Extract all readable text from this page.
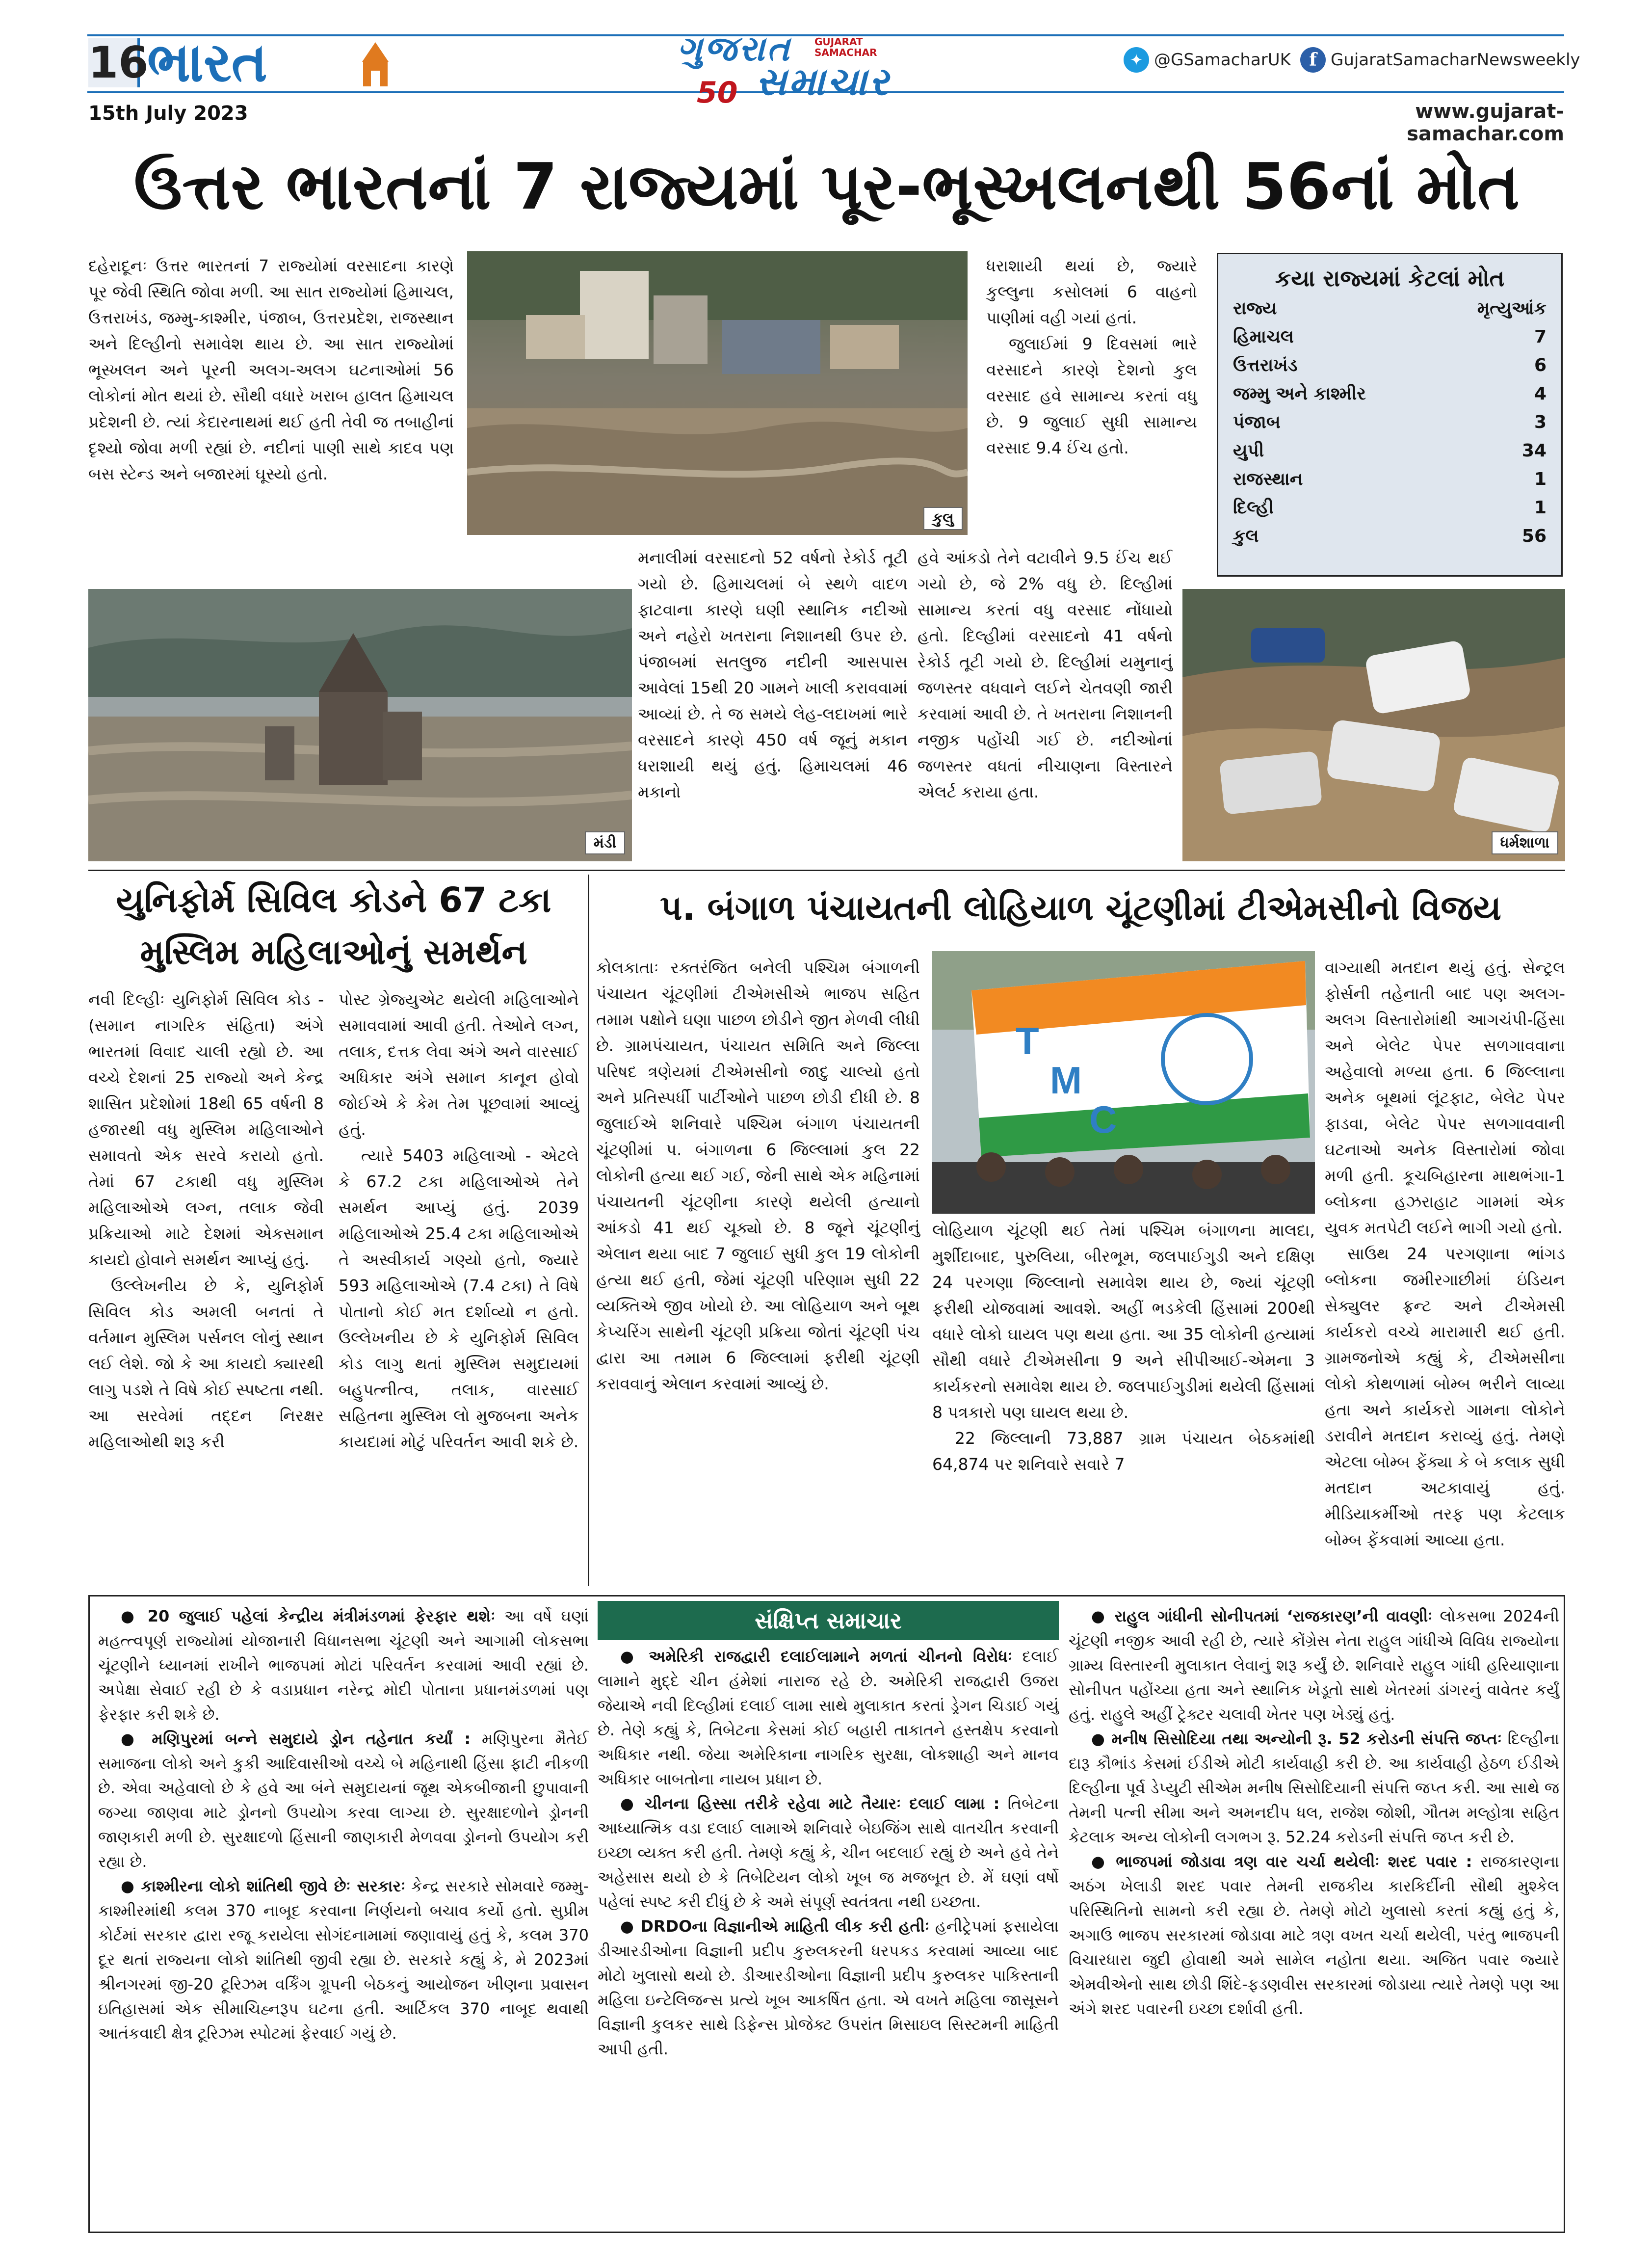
16
ભારત
15th July 2023
ગુજરાત GUJARAT SAMACHAR
સમાચાર
50
✦ @GSamacharUK	f GujaratSamacharNewsweekly
www.gujarat-samachar.com
ઉત્તર ભારતનાં 7 રાજ્યમાં પૂર-ભૂસ્ખલનથી 56નાં મોત

દહેરાદૂનઃ ઉત્તર ભારતનાં 7 રાજ્યોમાં વરસાદના કારણે પૂર જેવી સ્થિતિ જોવા મળી. આ સાત રાજ્યોમાં હિમાચલ, ઉત્તરાખંડ, જમ્મુ-કાશ્મીર, પંજાબ, ઉત્તરપ્રદેશ, રાજસ્થાન અને દિલ્હીનો સમાવેશ થાય છે. આ સાત રાજ્યોમાં ભૂસ્ખલન અને પૂરની અલગ-અલગ ઘટનાઓમાં 56 લોકોનાં મોત થયાં છે. સૌથી વધારે ખરાબ હાલત હિમાચલ પ્રદેશની છે. ત્યાં કેદારનાથમાં થઈ હતી તેવી જ તબાહીનાં દૃશ્યો જોવા મળી રહ્યાં છે. નદીનાં પાણી સાથે કાદવ પણ બસ સ્ટેન્ડ અને બજારમાં ઘૂસ્યો હતો.

કુલુ

ધરાશાયી થયાં છે, જ્યારે કુલ્લુના કસોલમાં 6 વાહનો પાણીમાં વહી ગયાં હતાં.

જુલાઈમાં 9 દિવસમાં ભારે વરસાદને કારણે દેશનો કુલ વરસાદ હવે સામાન્ય કરતાં વધુ છે. 9 જુલાઈ સુધી સામાન્ય વરસાદ 9.4 ઈંચ હતો.

કયા રાજ્યમાં કેટલાં મોત
રાજ્ય	મૃત્યુઆંક
હિમાચલ	7
ઉત્તરાખંડ	6
જમ્મુ અને કાશ્મીર	4
પંજાબ	3
યુપી	34
રાજસ્થાન	1
દિલ્હી	1
કુલ	56
મંડી

મનાલીમાં વરસાદનો 52 વર્ષનો રેકોર્ડ તૂટી ગયો છે. હિમાચલમાં બે સ્થળે વાદળ ફાટવાના કારણે ઘણી સ્થાનિક નદીઓ અને નહેરો ખતરાના નિશાનથી ઉપર છે. પંજાબમાં સતલુજ નદીની આસપાસ આવેલાં 15થી 20 ગામને ખાલી કરાવવામાં આવ્યાં છે. તે જ સમયે લેહ-લદાખમાં ભારે વરસાદને કારણે 450 વર્ષ જૂનું મકાન ધરાશાયી થયું હતું. હિમાચલમાં 46 મકાનો

હવે આંકડો તેને વટાવીને 9.5 ઈંચ થઈ ગયો છે, જે 2% વધુ છે. દિલ્હીમાં સામાન્ય કરતાં વધુ વરસાદ નોંધાયો હતો. દિલ્હીમાં વરસાદનો 41 વર્ષનો રેકોર્ડ તૂટી ગયો છે. દિલ્હીમાં યમુનાનું જળસ્તર વધવાને લઈને ચેતવણી જારી કરવામાં આવી છે. તે ખતરાના નિશાનની નજીક પહોંચી ગઈ છે. નદીઓનાં જળસ્તર વધતાં નીચાણના વિસ્તારને એલર્ટ કરાયા હતા.

ધર્મશાળા
યુનિફોર્મ સિવિલ કોડને 67 ટકા
મુસ્લિમ મહિલાઓનું સમર્થન

નવી દિલ્હીઃ યુનિફોર્મ સિવિલ કોડ - (સમાન નાગરિક સંહિતા) અંગે ભારતમાં વિવાદ ચાલી રહ્યો છે. આ વચ્ચે દેશનાં 25 રાજ્યો અને કેન્દ્ર શાસિત પ્રદેશોમાં 18થી 65 વર્ષની 8 હજારથી વધુ મુસ્લિમ મહિલાઓને સમાવતો એક સરવે કરાયો હતો. તેમાં 67 ટકાથી વધુ મુસ્લિમ મહિલાઓએ લગ્ન, તલાક જેવી પ્રક્રિયાઓ માટે દેશમાં એકસમાન કાયદો હોવાને સમર્થન આપ્યું હતું.

ઉલ્લેખનીય છે કે, યુનિફોર્મ સિવિલ કોડ અમલી બનતાં તે વર્તમાન મુસ્લિમ પર્સનલ લોનું સ્થાન લઈ લેશે. જો કે આ કાયદો ક્યારથી લાગુ પડશે તે વિષે કોઈ સ્પષ્ટતા નથી. આ સરવેમાં તદ્દન નિરક્ષર મહિલાઓથી શરૂ કરી

પોસ્ટ ગ્રેજ્યુએટ થયેલી મહિલાઓને સમાવવામાં આવી હતી. તેઓને લગ્ન, તલાક, દત્તક લેવા અંગે અને વારસાઈ અધિકાર અંગે સમાન કાનૂન હોવો જોઈએ કે કેમ તેમ પૂછવામાં આવ્યું હતું.

ત્યારે 5403 મહિલાઓ - એટલે કે 67.2 ટકા મહિલાઓએ તેને સમર્થન આપ્યું હતું. 2039 મહિલાઓએ 25.4 ટકા મહિલાઓએ તે અસ્વીકાર્ય ગણ્યો હતો, જ્યારે 593 મહિલાઓએ (7.4 ટકા) તે વિષે પોતાનો કોઈ મત દર્શાવ્યો ન હતો. ઉલ્લેખનીય છે કે યુનિફોર્મ સિવિલ કોડ લાગુ થતાં મુસ્લિમ સમુદાયમાં બહુપત્નીત્વ, તલાક, વારસાઈ સહિતના મુસ્લિમ લો મુજબના અનેક કાયદામાં મોટું પરિવર્તન આવી શકે છે.

પ. બંગાળ પંચાયતની લોહિયાળ ચૂંટણીમાં ટીએમસીનો વિજય

કોલકાતાઃ રક્તરંજિત બનેલી પશ્ચિમ બંગાળની પંચાયત ચૂંટણીમાં ટીએમસીએ ભાજપ સહિત તમામ પક્ષોને ઘણા પાછળ છોડીને જીત મેળવી લીધી છે. ગ્રામપંચાયત, પંચાયત સમિતિ અને જિલ્લા પરિષદ ત્રણેયમાં ટીએમસીનો જાદુ ચાલ્યો હતો અને પ્રતિસ્પર્ધી પાર્ટીઓને પાછળ છોડી દીધી છે. 8 જુલાઈએ શનિવારે પશ્ચિમ બંગાળ પંચાયતની ચૂંટણીમાં પ. બંગાળના 6 જિલ્લામાં કુલ 22 લોકોની હત્યા થઈ ગઈ, જેની સાથે એક મહિનામાં પંચાયતની ચૂંટણીના કારણે થયેલી હત્યાનો આંકડો 41 થઈ ચૂક્યો છે. 8 જૂને ચૂંટણીનું એલાન થયા બાદ 7 જુલાઈ સુધી કુલ 19 લોકોની હત્યા થઈ હતી, જેમાં ચૂંટણી પરિણામ સુધી 22 વ્યક્તિએ જીવ ખોયો છે. આ લોહિયાળ અને બૂથ કેપ્ચરિંગ સાથેની ચૂંટણી પ્રક્રિયા જોતાં ચૂંટણી પંચ દ્વારા આ તમામ 6 જિલ્લામાં ફરીથી ચૂંટણી કરાવવાનું એલાન કરવામાં આવ્યું છે.

T
M
C

લોહિયાળ ચૂંટણી થઈ તેમાં પશ્ચિમ બંગાળના માલદા, મુર્શીદાબાદ, પુરુલિયા, બીરભૂમ, જલપાઈગુડી અને દક્ષિણ 24 પરગણા જિલ્લાનો સમાવેશ થાય છે, જ્યાં ચૂંટણી ફરીથી યોજવામાં આવશે. અહીં ભડકેલી હિંસામાં 200થી વધારે લોકો ઘાયલ પણ થયા હતા. આ 35 લોકોની હત્યામાં સૌથી વધારે ટીએમસીના 9 અને સીપીઆઈ-એમના 3 કાર્યકરનો સમાવેશ થાય છે. જલપાઈગુડીમાં થયેલી હિંસામાં 8 પત્રકારો પણ ઘાયલ થયા છે.

22 જિલ્લાની 73,887 ગ્રામ પંચાયત બેઠકમાંથી 64,874 પર શનિવારે સવારે 7

વાગ્યાથી મતદાન થયું હતું. સેન્ટ્રલ ફોર્સની તહેનાતી બાદ પણ અલગ-અલગ વિસ્તારોમાંથી આગચંપી-હિંસા અને બેલેટ પેપર સળગાવવાના અહેવાલો મળ્યા હતા. 6 જિલ્લાના અનેક બૂથમાં લૂંટફાટ, બેલેટ પેપર ફાડવા, બેલેટ પેપર સળગાવવાની ઘટનાઓ અનેક વિસ્તારોમાં જોવા મળી હતી. કૂચબિહારના માથભંગા-1 બ્લોકના હઝરાહાટ ગામમાં એક યુવક મતપેટી લઈને ભાગી ગયો હતો.

સાઉથ 24 પરગણાના ભાંગડ બ્લોકના જમીરગાછીમાં ઇંડિયન સેક્યુલર ફ્રન્ટ અને ટીએમસી કાર્યકરો વચ્ચે મારામારી થઈ હતી. ગ્રામજનોએ કહ્યું કે, ટીએમસીના લોકો કોથળામાં બોમ્બ ભરીને લાવ્યા હતા અને કાર્યકરો ગામના લોકોને ડરાવીને મતદાન કરાવ્યું હતું. તેમણે એટલા બોમ્બ ફેંક્યા કે બે કલાક સુધી મતદાન અટકાવાયું હતું. મીડિયાકર્મીઓ તરફ પણ કેટલાક બોમ્બ ફેંકવામાં આવ્યા હતા.

● 20 જુલાઈ પહેલાં કેન્દ્રીય મંત્રીમંડળમાં ફેરફાર થશેઃ આ વર્ષે ઘણાં મહત્ત્વપૂર્ણ રાજ્યોમાં યોજાનારી વિધાનસભા ચૂંટણી અને આગામી લોકસભા ચૂંટણીને ધ્યાનમાં રાખીને ભાજપમાં મોટાં પરિવર્તન કરવામાં આવી રહ્યાં છે. અપેક્ષા સેવાઈ રહી છે કે વડાપ્રધાન નરેન્દ્ર મોદી પોતાના પ્રધાનમંડળમાં પણ ફેરફાર કરી શકે છે.

● મણિપુરમાં બન્ને સમુદાયે ડ્રોન તહેનાત કર્યાં : મણિપુરના મૈતેઈ સમાજના લોકો અને કુકી આદિવાસીઓ વચ્ચે બે મહિનાથી હિંસા ફાટી નીકળી છે. એવા અહેવાલો છે કે હવે આ બંને સમુદાયનાં જૂથ એકબીજાની છુપાવાની જગ્યા જાણવા માટે ડ્રોનનો ઉપયોગ કરવા લાગ્યા છે. સુરક્ષાદળોને ડ્રોનની જાણકારી મળી છે. સુરક્ષાદળો હિંસાની જાણકારી મેળવવા ડ્રોનનો ઉપયોગ કરી રહ્યા છે.

● કાશ્મીરના લોકો શાંતિથી જીવે છેઃ સરકારઃ કેન્દ્ર સરકારે સોમવારે જમ્મુ-કાશ્મીરમાંથી કલમ 370 નાબૂદ કરવાના નિર્ણયનો બચાવ કર્યો હતો. સુપ્રીમ કોર્ટમાં સરકાર દ્વારા રજૂ કરાયેલા સોગંદનામામાં જણાવાયું હતું કે, કલમ 370 દૂર થતાં રાજ્યના લોકો શાંતિથી જીવી રહ્યા છે. સરકારે કહ્યું કે, મે 2023માં શ્રીનગરમાં જી-20 ટૂરિઝમ વર્કિંગ ગ્રૂપની બેઠકનું આયોજન ખીણના પ્રવાસન ઇતિહાસમાં એક સીમાચિહ્નરૂપ ઘટના હતી. આર્ટિકલ 370 નાબૂદ થવાથી આતંકવાદી ક્ષેત્ર ટૂરિઝમ સ્પોટમાં ફેરવાઈ ગયું છે.

સંક્ષિપ્ત સમાચાર

● અમેરિકી રાજદ્વારી દલાઈલામાને મળતાં ચીનનો વિરોધઃ દલાઈ લામાને મુદ્દે ચીન હંમેશાં નારાજ રહે છે. અમેરિકી રાજદ્વારી ઉજરા જેયાએ નવી દિલ્હીમાં દલાઈ લામા સાથે મુલાકાત કરતાં ડ્રેગન ચિડાઈ ગયું છે. તેણે કહ્યું કે, તિબેટના કેસમાં કોઈ બહારી તાકાતને હસ્તક્ષેપ કરવાનો અધિકાર નથી. જેયા અમેરિકાના નાગરિક સુરક્ષા, લોકશાહી અને માનવ અધિકાર બાબતોના નાયબ પ્રધાન છે.

● ચીનના હિસ્સા તરીકે રહેવા માટે તૈયારઃ દલાઈ લામા : તિબેટના આધ્યાત્મિક વડા દલાઈ લામાએ શનિવારે બેઇજિંગ સાથે વાતચીત કરવાની ઇચ્છા વ્યક્ત કરી હતી. તેમણે કહ્યું કે, ચીન બદલાઈ રહ્યું છે અને હવે તેને અહેસાસ થયો છે કે તિબેટિયન લોકો ખૂબ જ મજબૂત છે. મેં ઘણાં વર્ષો પહેલાં સ્પષ્ટ કરી દીધું છે કે અમે સંપૂર્ણ સ્વતંત્રતા નથી ઇચ્છતા.

● DRDOના વિજ્ઞાનીએ માહિતી લીક કરી હતીઃ હનીટ્રેપમાં ફસાયેલા ડીઆરડીઓના વિજ્ઞાની પ્રદીપ કુરુલકરની ધરપકડ કરવામાં આવ્યા બાદ મોટો ખુલાસો થયો છે. ડીઆરડીઓના વિજ્ઞાની પ્રદીપ કુરુલકર પાકિસ્તાની મહિલા ઇન્ટેલિજન્સ પ્રત્યે ખૂબ આકર્ષિત હતા. એ વખતે મહિલા જાસૂસને વિજ્ઞાની કુલકર સાથે ડિફેન્સ પ્રોજેક્ટ ઉપરાંત મિસાઇલ સિસ્ટમની માહિતી આપી હતી.

● રાહુલ ગાંધીની સોનીપતમાં ‘રાજકારણ’ની વાવણીઃ લોકસભા 2024ની ચૂંટણી નજીક આવી રહી છે, ત્યારે કોંગ્રેસ નેતા રાહુલ ગાંધીએ વિવિધ રાજ્યોના ગ્રામ્ય વિસ્તારની મુલાકાત લેવાનું શરૂ કર્યું છે. શનિવારે રાહુલ ગાંધી હરિયાણાના સોનીપત પહોંચ્યા હતા અને સ્થાનિક ખેડૂતો સાથે ખેતરમાં ડાંગરનું વાવેતર કર્યું હતું. રાહુલે અહીં ટ્રેક્ટર ચલાવી ખેતર પણ ખેડ્યું હતું.

● મનીષ સિસોદિયા તથા અન્યોની રૂ. 52 કરોડની સંપત્તિ જપ્તઃ દિલ્હીના દારૂ કૌભાંડ કેસમાં ઈડીએ મોટી કાર્યવાહી કરી છે. આ કાર્યવાહી હેઠળ ઈડીએ દિલ્હીના પૂર્વ ડેપ્યુટી સીએમ મનીષ સિસોદિયાની સંપત્તિ જપ્ત કરી. આ સાથે જ તેમની પત્ની સીમા અને અમનદીપ ધલ, રાજેશ જોશી, ગૌતમ મલ્હોત્રા સહિત કેટલાક અન્ય લોકોની લગભગ રૂ. 52.24 કરોડની સંપત્તિ જપ્ત કરી છે.

● ભાજપમાં જોડાવા ત્રણ વાર ચર્ચા થયેલીઃ શરદ પવાર : રાજકારણના અઠંગ ખેલાડી શરદ પવાર તેમની રાજકીય કારકિર્દીની સૌથી મુશ્કેલ પરિસ્થિતિનો સામનો કરી રહ્યા છે. તેમણે મોટો ખુલાસો કરતાં કહ્યું હતું કે, અગાઉ ભાજપ સરકારમાં જોડાવા માટે ત્રણ વખત ચર્ચા થયેલી, પરંતુ ભાજપની વિચારધારા જુદી હોવાથી અમે સામેલ નહોતા થયા. અજિત પવાર જ્યારે એમવીએનો સાથ છોડી શિંદે-ફડણવીસ સરકારમાં જોડાયા ત્યારે તેમણે પણ આ અંગે શરદ પવારની ઇચ્છા દર્શાવી હતી.
